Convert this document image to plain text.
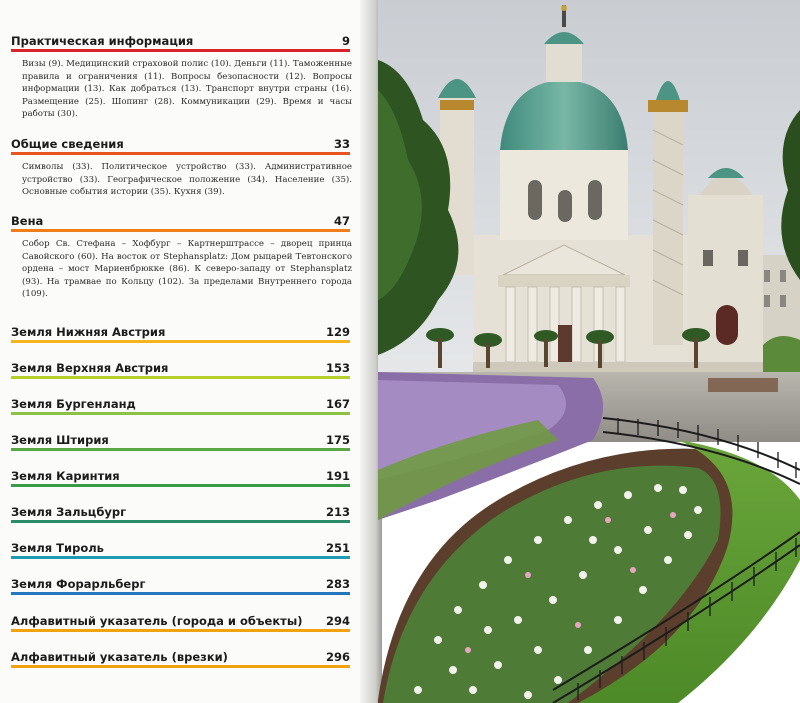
Практическая информация	9
Визы (9). Медицинский страховой полис (10). Деньги (11). Таможенные правила и ограничения (11). Вопросы безопасности (12). Вопросы информации (13). Как добраться (13). Транспорт внутри страны (16). Размещение (25). Шопинг (28). Коммуникации (29). Время и часы работы (30).
Общие сведения	33
Символы (33). Политическое устройство (33). Административное устройство (33). Географическое положение (34). Население (35). Основные события истории (35). Кухня (39).
Вена	47
Собор Св. Стефана – Хофбург – Картнерштрассе – дворец принца Савойского (60). На восток от Stephansplatz: Дом рыцарей Тевтонского ордена – мост Мариенбрюкке (86). К северо-западу от Stephansplatz (93). На трамвае по Кольцу (102). За пределами Внутреннего города (109).
Земля Нижняя Австрия	129
Земля Верхняя Австрия	153
Земля Бургенланд	167
Земля Штирия	175
Земля Каринтия	191
Земля Зальцбург	213
Земля Тироль	251
Земля Форарльберг	283
Алфавитный указатель (города и объекты) 294
Алфавитный указатель (врезки)	296
